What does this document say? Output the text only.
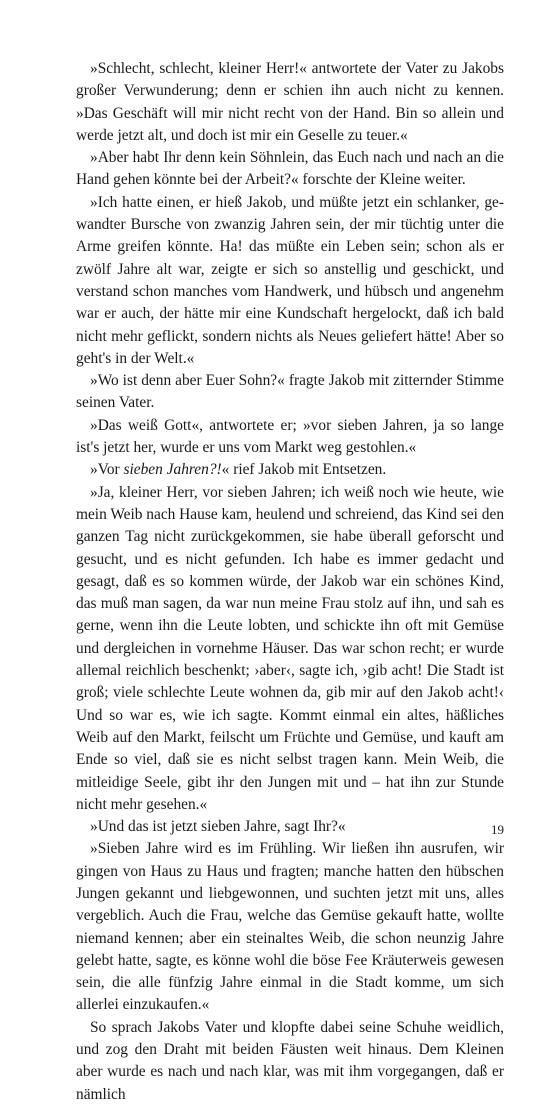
»Schlecht, schlecht, kleiner Herr!« antwortete der Vater zu Jakobs großer Verwunderung; denn er schien ihn auch nicht zu kennen. »Das Geschäft will mir nicht recht von der Hand. Bin so allein und werde jetzt alt, und doch ist mir ein Geselle zu teuer.«

»Aber habt Ihr denn kein Söhnlein, das Euch nach und nach an die Hand gehen könnte bei der Arbeit?« forschte der Kleine weiter.

»Ich hatte einen, er hieß Jakob, und müßte jetzt ein schlanker, gewandter Bursche von zwanzig Jahren sein, der mir tüchtig unter die Arme greifen könnte. Ha! das müßte ein Leben sein; schon als er zwölf Jahre alt war, zeigte er sich so anstellig und geschickt, und verstand schon manches vom Handwerk, und hübsch und angenehm war er auch, der hätte mir eine Kundschaft hergelockt, daß ich bald nicht mehr geflickt, sondern nichts als Neues geliefert hätte! Aber so geht's in der Welt.«

»Wo ist denn aber Euer Sohn?« fragte Jakob mit zitternder Stimme seinen Vater.

»Das weiß Gott«, antwortete er; »vor sieben Jahren, ja so lange ist's jetzt her, wurde er uns vom Markt weg gestohlen.«

»Vor sieben Jahren?!« rief Jakob mit Entsetzen.

»Ja, kleiner Herr, vor sieben Jahren; ich weiß noch wie heute, wie mein Weib nach Hause kam, heulend und schreiend, das Kind sei den ganzen Tag nicht zurückgekommen, sie habe überall geforscht und gesucht, und es nicht gefunden. Ich habe es immer gedacht und gesagt, daß es so kommen würde, der Jakob war ein schönes Kind, das muß man sagen, da war nun meine Frau stolz auf ihn, und sah es gerne, wenn ihn die Leute lobten, und schickte ihn oft mit Gemüse und dergleichen in vornehme Häuser. Das war schon recht; er wurde allemal reichlich beschenkt; ›aber‹, sagte ich, ›gib acht! Die Stadt ist groß; viele schlechte Leute wohnen da, gib mir auf den Jakob acht!‹ Und so war es, wie ich sagte. Kommt einmal ein altes, häßliches Weib auf den Markt, feilscht um Früchte und Gemüse, und kauft am Ende so viel, daß sie es nicht selbst tragen kann. Mein Weib, die mitleidige Seele, gibt ihr den Jungen mit und – hat ihn zur Stunde nicht mehr gesehen.«

»Und das ist jetzt sieben Jahre, sagt Ihr?«

»Sieben Jahre wird es im Frühling. Wir ließen ihn ausrufen, wir gingen von Haus zu Haus und fragten; manche hatten den hübschen Jungen gekannt und liebgewonnen, und suchten jetzt mit uns, alles vergeblich. Auch die Frau, welche das Gemüse gekauft hatte, wollte niemand kennen; aber ein steinaltes Weib, die schon neunzig Jahre gelebt hatte, sagte, es könne wohl die böse Fee Kräuterweis gewesen sein, die alle fünfzig Jahre einmal in die Stadt komme, um sich allerlei einzukaufen.«

So sprach Jakobs Vater und klopfte dabei seine Schuhe weidlich, und zog den Draht mit beiden Fäusten weit hinaus. Dem Kleinen aber wurde es nach und nach klar, was mit ihm vorgegangen, daß er nämlich

19
